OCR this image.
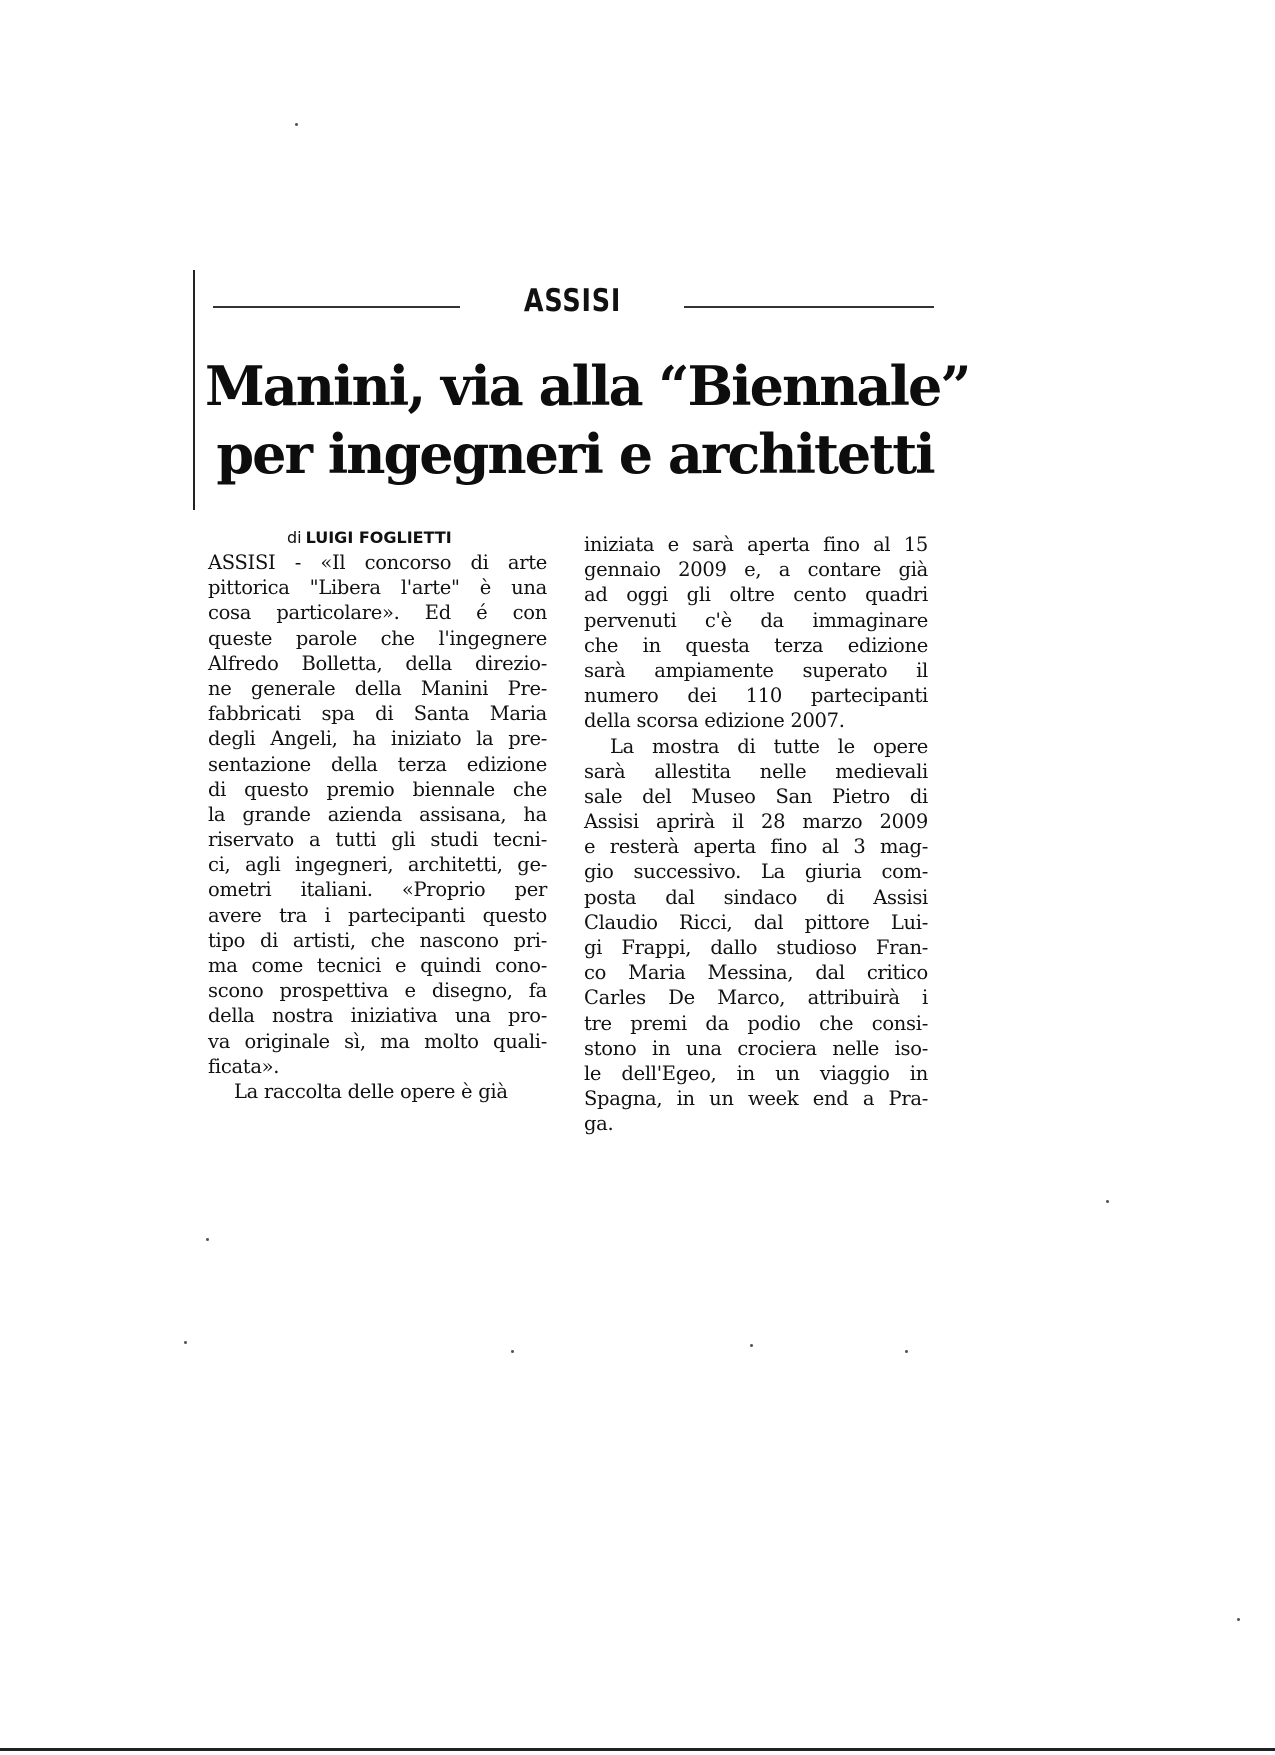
ASSISI
Manini, via alla “Biennale”
per ingegneri e architetti
di LUIGI FOGLIETTI
ASSISI - «Il concorso di arte
pittorica "Libera l'arte" è una
cosa particolare». Ed é con
queste parole che l'ingegnere
Alfredo Bolletta, della direzio-
ne generale della Manini Pre-
fabbricati spa di Santa Maria
degli Angeli, ha iniziato la pre-
sentazione della terza edizione
di questo premio biennale che
la grande azienda assisana, ha
riservato a tutti gli studi tecni-
ci, agli ingegneri, architetti, ge-
ometri italiani. «Proprio per
avere tra i partecipanti questo
tipo di artisti, che nascono pri-
ma come tecnici e quindi cono-
scono prospettiva e disegno, fa
della nostra iniziativa una pro-
va originale sì, ma molto quali-
ficata».
La raccolta delle opere è già
iniziata e sarà aperta fino al 15
gennaio 2009 e, a contare già
ad oggi gli oltre cento quadri
pervenuti c'è da immaginare
che in questa terza edizione
sarà ampiamente superato il
numero dei 110 partecipanti
della scorsa edizione 2007.
La mostra di tutte le opere
sarà allestita nelle medievali
sale del Museo San Pietro di
Assisi aprirà il 28 marzo 2009
e resterà aperta fino al 3 mag-
gio successivo. La giuria com-
posta dal sindaco di Assisi
Claudio Ricci, dal pittore Lui-
gi Frappi, dallo studioso Fran-
co Maria Messina, dal critico
Carles De Marco, attribuirà i
tre premi da podio che consi-
stono in una crociera nelle iso-
le dell'Egeo, in un viaggio in
Spagna, in un week end a Pra-
ga.
